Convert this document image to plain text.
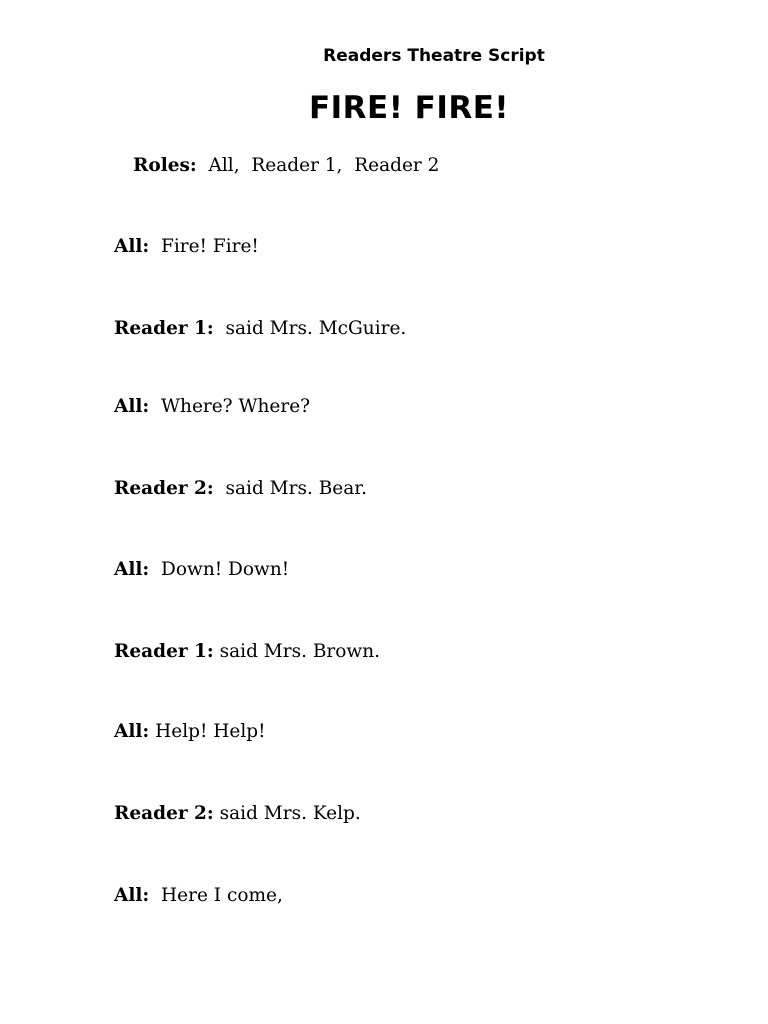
Readers Theatre Script

FIRE! FIRE!

Roles: All,  Reader 1,  Reader 2

All: Fire! Fire!

Reader 1: said Mrs. McGuire.

All: Where? Where?

Reader 2: said Mrs. Bear.

All: Down! Down!

Reader 1: said Mrs. Brown.

All: Help! Help!

Reader 2: said Mrs. Kelp.

All: Here I come,
